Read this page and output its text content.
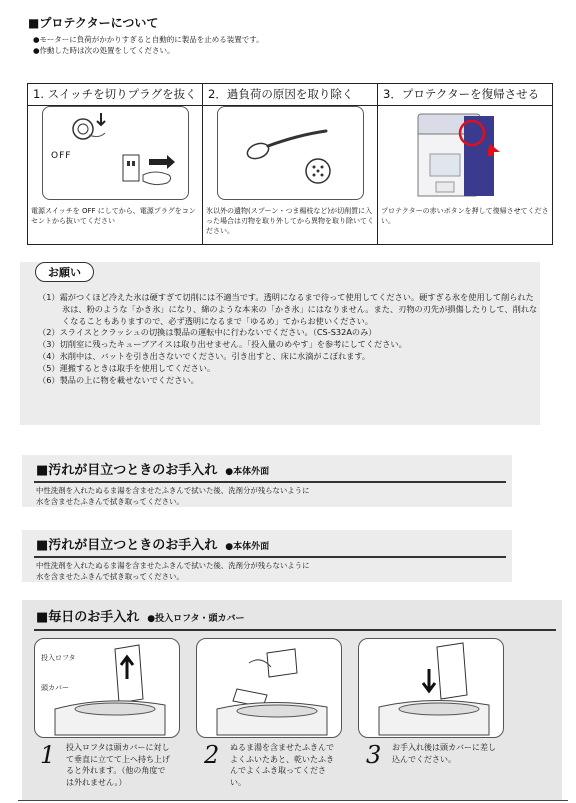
■プロテクターについて
●モーターに負荷がかかりすぎると自動的に製品を止める装置です。
●作動した時は次の処置をしてください。
1. スイッチを切りプラグを抜く
OFF
電源スイッチを OFF にしてから、電源プラグをコンセントから抜いてください
2．過負荷の原因を取り除く
氷以外の遺物(スプーン・つま楊枝など)が切削質に入った場合は刃物を取り外してから異物を取り除いてください。
3．プロテクターを復帰させる
プロテクターの赤いボタンを押して復帰させてください。
お願い
（1）霜がつくほど冷えた氷は硬すぎて切削には不適当です。透明になるまで待って使用してください。硬すぎる氷を使用して削られた氷は、粉のような「かき氷」になり、綿のような本来の「かき氷」にはなりません。また、刃物の刃先が損傷したりして、削れなくなることもありますので、必ず透明になるまで「ゆるめ」てからお使いください。
（2）スライスとクラッシュの切換は製品の運転中に行わないでください。（CS-S32Aのみ）
（3）切削室に残ったキューブアイスは取り出せません。「投入量のめやす」を参考にしてください。
（4）氷削中は、バットを引き出さないでください。引き出すと、床に水滴がこぼれます。
（5）運搬するときは取手を使用してください。
（6）製品の上に物を載せないでください。
■汚れが目立つときのお手入れ ●本体外面
中性洗剤を入れたぬるま湯を含ませたふきんで拭いた後、洗剤分が残らないように
水を含ませたふきんで拭き取ってください。
■汚れが目立つときのお手入れ ●本体外面
中性洗剤を入れたぬるま湯を含ませたふきんで拭いた後、洗剤分が残らないように
水を含ませたふきんで拭き取ってください。
■毎日のお手入れ ●投入ロフタ・頭カバー
投入ロフタ
頭カバー
1 投入ロフタは頭カバーに対して垂直に立てて上へ持ち上げると外れます。（他の角度では外れません。）
2 ぬるま湯を含ませたふきんでよくふいたあと、乾いたふきんでよくふき取ってください。
3 お手入れ後は頭カバーに差し込んでください。
